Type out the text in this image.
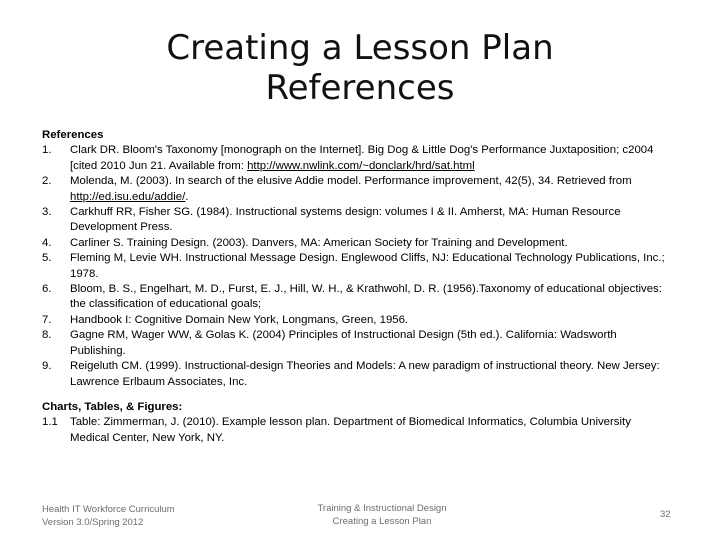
Creating a Lesson Plan
References
References
1.	Clark DR. Bloom's Taxonomy [monograph on the Internet]. Big Dog & Little Dog's Performance Juxtaposition; c2004 [cited 2010 Jun 21. Available from: http://www.nwlink.com/~donclark/hrd/sat.html
2.	Molenda, M. (2003). In search of the elusive Addie model. Performance improvement, 42(5), 34. Retrieved from http://ed.isu.edu/addie/.
3.	Carkhuff RR, Fisher SG. (1984). Instructional systems design: volumes I & II. Amherst, MA: Human Resource Development Press.
4.	Carliner S. Training Design. (2003). Danvers, MA: American Society for Training and Development.
5.	Fleming M, Levie WH. Instructional Message Design. Englewood Cliffs, NJ: Educational Technology Publications, Inc.; 1978.
6.	Bloom, B. S., Engelhart, M. D., Furst, E. J., Hill, W. H., & Krathwohl, D. R. (1956).Taxonomy of educational objectives: the classification of educational goals;
7.	Handbook I: Cognitive Domain New York, Longmans, Green, 1956.
8.	Gagne RM, Wager WW, & Golas K. (2004) Principles of Instructional Design (5th ed.). California: Wadsworth Publishing.
9.	Reigeluth CM. (1999). Instructional-design Theories and Models: A new paradigm of instructional theory. New Jersey: Lawrence Erlbaum Associates, Inc.
Charts, Tables, & Figures:
1.1	Table: Zimmerman, J. (2010). Example lesson plan. Department of Biomedical Informatics, Columbia University Medical Center, New York, NY.
Health IT Workforce Curriculum
Version 3.0/Spring 2012
Training & Instructional Design
Creating a Lesson Plan
32
